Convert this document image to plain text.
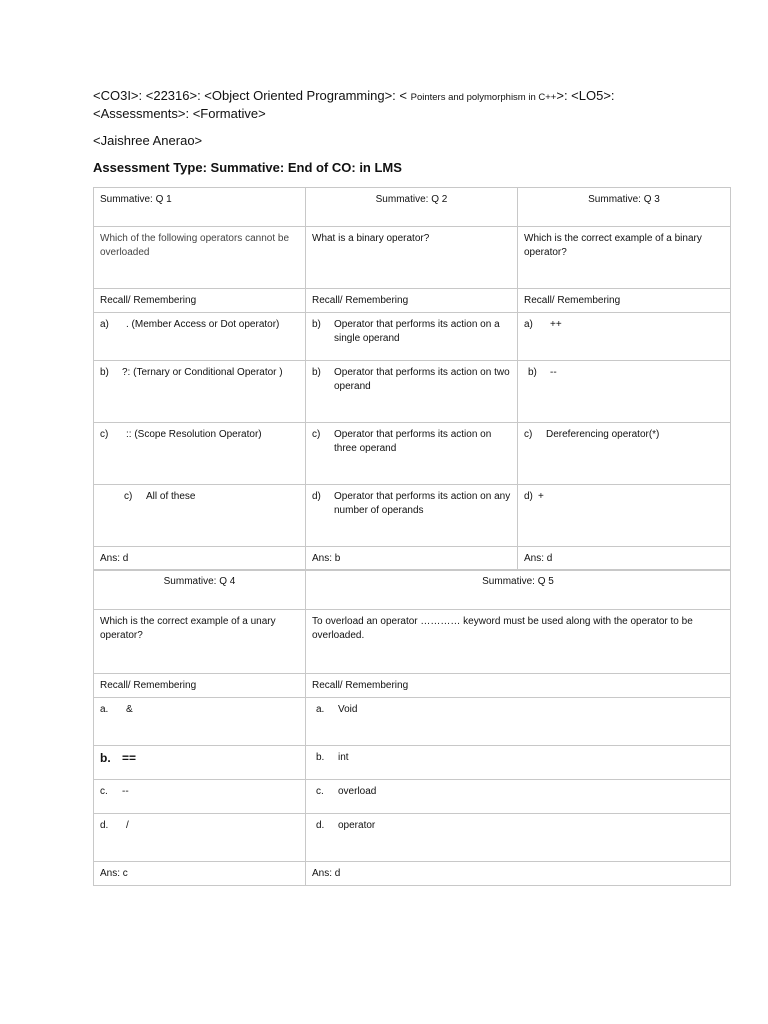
<CO3I>: <22316>: <Object Oriented Programming>: < Pointers and polymorphism in C++>: <LO5>:
<Assessments>: <Formative>
<Jaishree Anerao>
Assessment Type: Summative: End of CO: in LMS
Summative: Q 1	Summative: Q 2	Summative: Q 3
Which of the following operators cannot be overloaded	What is a binary operator?	Which is the correct example of a binary operator?
Recall/ Remembering	Recall/ Remembering	Recall/ Remembering

a) . (Member Access or Dot operator)	b) Operator that performs its action on a single operand	a) ++

b) ?: (Ternary or Conditional Operator )	b) Operator that performs its action on two operand	b) --

c) :: (Scope Resolution Operator)	c) Operator that performs its action on three operand	c) Dereferencing operator(*)

c) All of these	d) Operator that performs its action on any number of operands	d) +

Ans: d	Ans: b	Ans: d
Summative: Q 4	Summative: Q 5
Which is the correct example of a unary operator?	To overload an operator ………… keyword must be used along with the operator to be overloaded.
Recall/ Remembering	Recall/ Remembering

a. &	a. Void

b. ==	b. int

c. --	c. overload

d. /	d. operator

Ans: c	Ans: d
